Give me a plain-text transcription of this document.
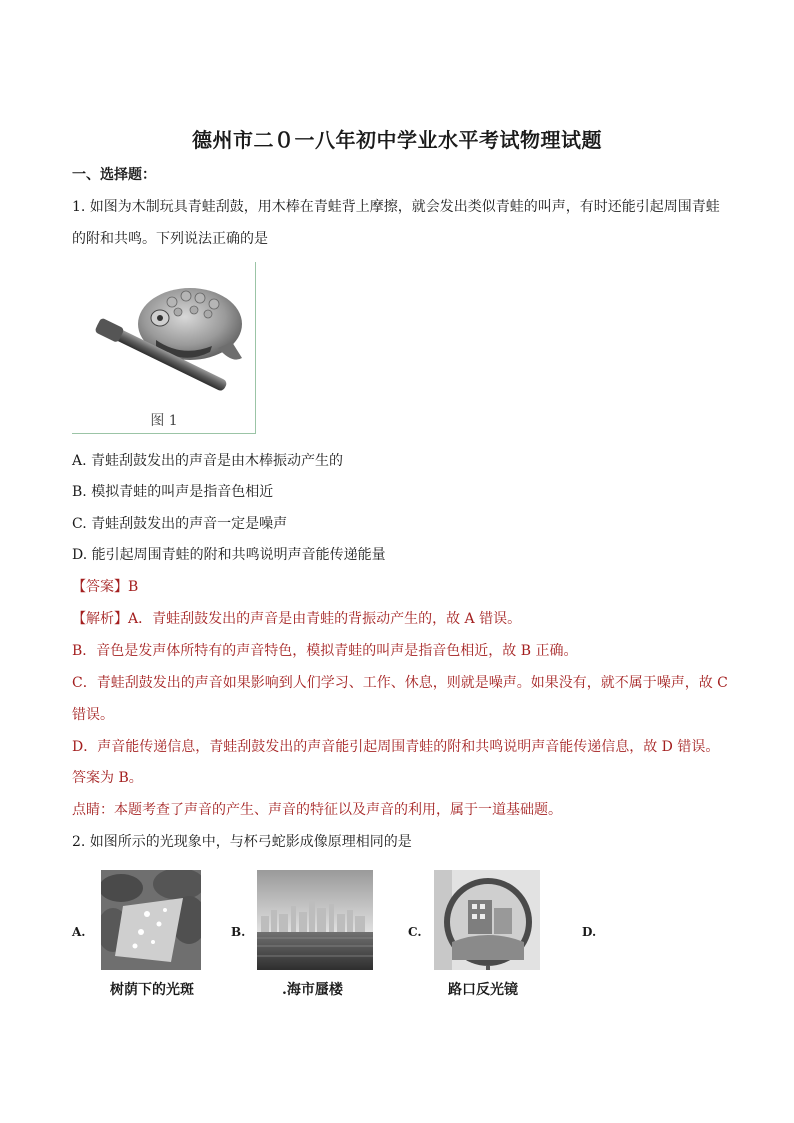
德州市二０一八年初中学业水平考试物理试题
一、选择题：
1. 如图为木制玩具青蛙刮鼓，用木棒在青蛙背上摩擦，就会发出类似青蛙的叫声，有时还能引起周围青蛙
的附和共鸣。下列说法正确的是
图 1
A. 青蛙刮鼓发出的声音是由木棒振动产生的
B. 模拟青蛙的叫声是指音色相近
C. 青蛙刮鼓发出的声音一定是噪声
D. 能引起周围青蛙的附和共鸣说明声音能传递能量
【答案】B
【解析】A．青蛙刮鼓发出的声音是由青蛙的背振动产生的，故 A 错误。
B．音色是发声体所特有的声音特色，模拟青蛙的叫声是指音色相近，故 B 正确。
C．青蛙刮鼓发出的声音如果影响到人们学习、工作、休息，则就是噪声。如果没有，就不属于噪声，故 C
错误。
D．声音能传递信息，青蛙刮鼓发出的声音能引起周围青蛙的附和共鸣说明声音能传递信息，故 D 错误。
答案为 B。
点睛：本题考查了声音的产生、声音的特征以及声音的利用，属于一道基础题。
2. 如图所示的光现象中，与杯弓蛇影成像原理相同的是
A.
树荫下的光斑
B.
.海市蜃楼
C.
路口反光镜
D.
